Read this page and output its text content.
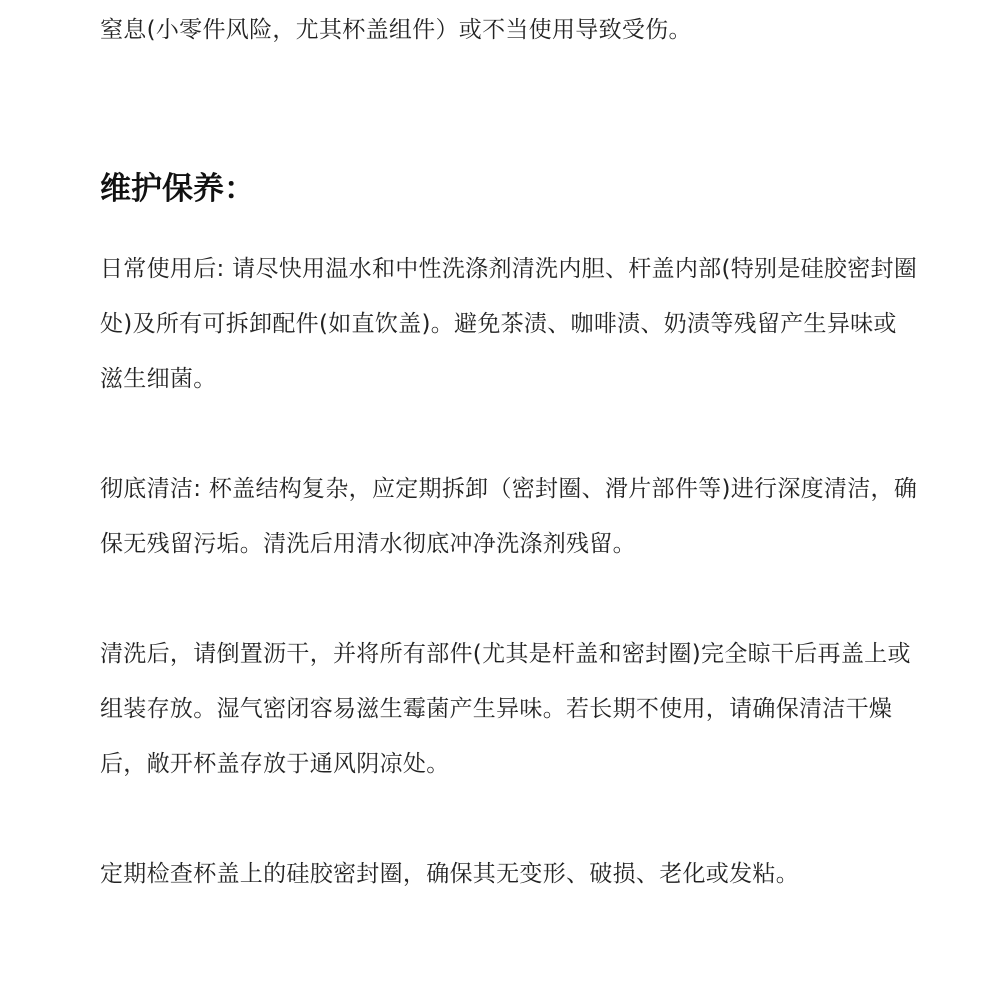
窒息(小零件风险，尤其杯盖组件）或不当使用导致受伤。

维护保养：

日常使用后: 请尽快用温水和中性洗涤剂清洗内胆、杆盖内部(特别是硅胶密封圈处)及所有可拆卸配件(如直饮盖)。避免茶渍、咖啡渍、奶渍等残留产生异味或滋生细菌。

彻底清洁: 杯盖结构复杂，应定期拆卸（密封圈、滑片部件等)进行深度清洁，确保无残留污垢。清洗后用清水彻底冲净洗涤剂残留。

清洗后，请倒置沥干，并将所有部件(尤其是杆盖和密封圈)完全晾干后再盖上或组装存放。湿气密闭容易滋生霉菌产生异味。若长期不使用，请确保清洁干燥后，敞开杯盖存放于通风阴凉处。

定期检查杯盖上的硅胶密封圈，确保其无变形、破损、老化或发粘。
